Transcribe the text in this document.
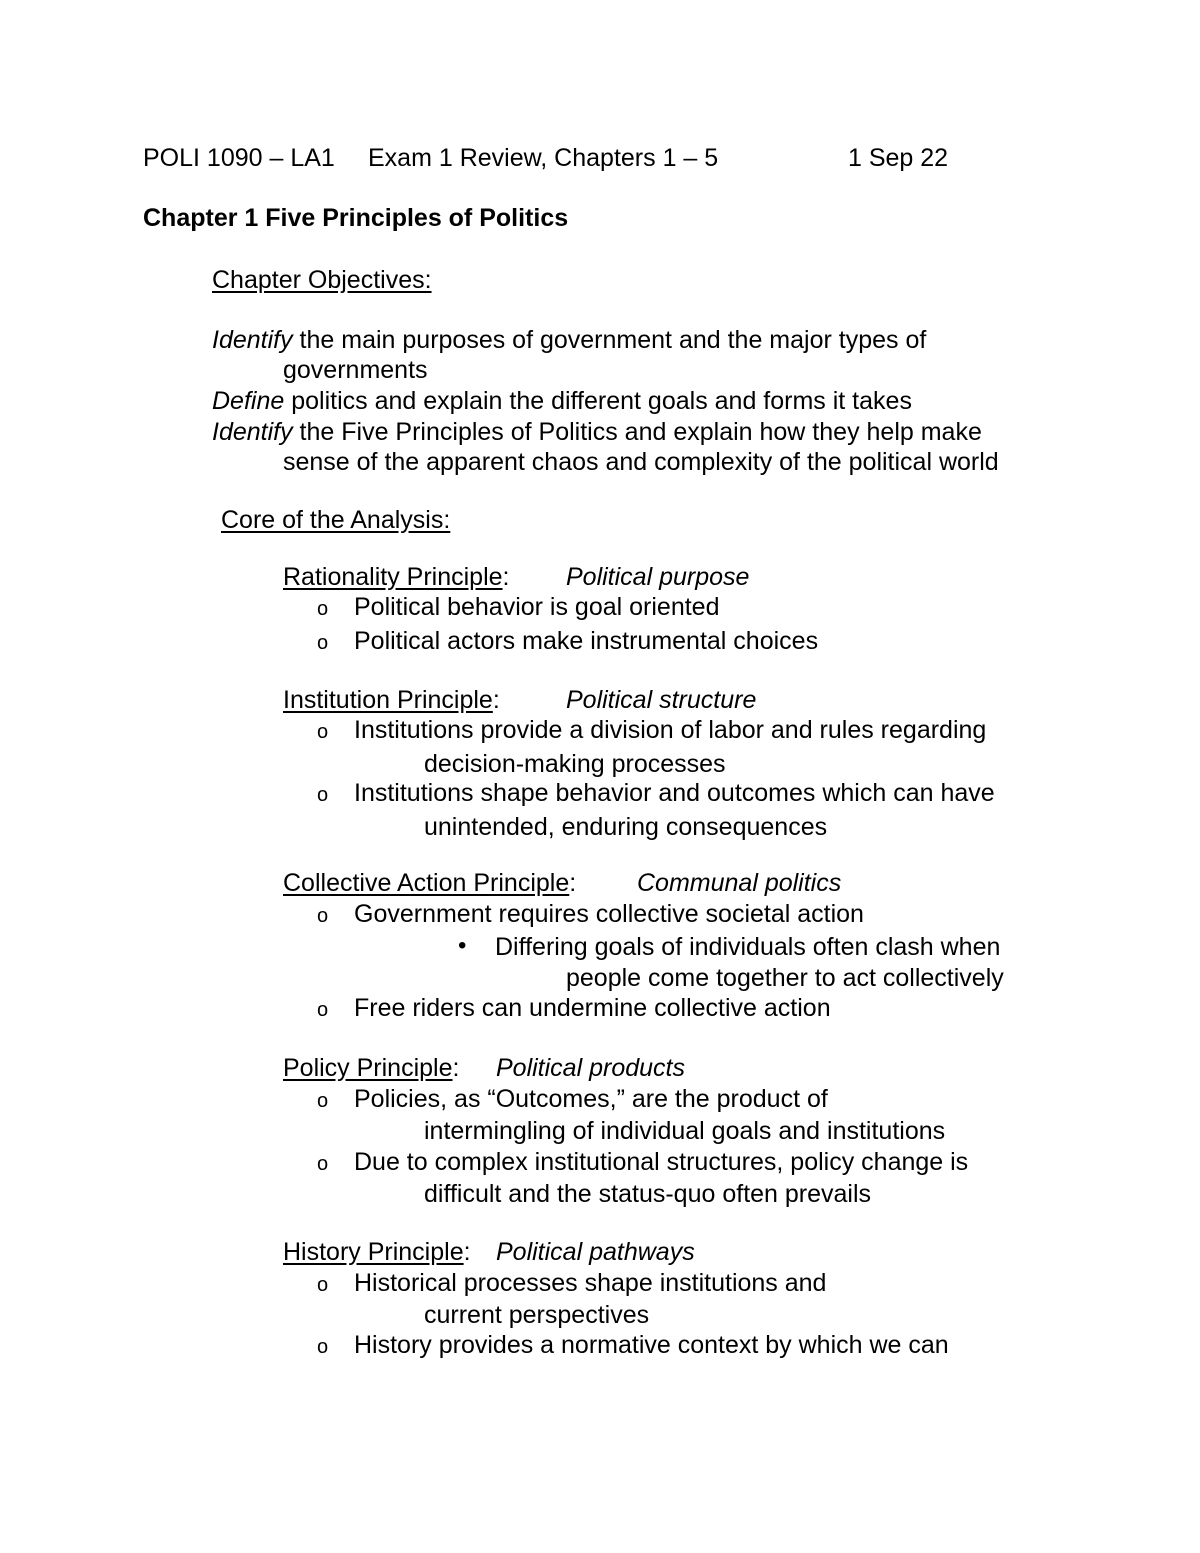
POLI 1090 – LA1 Exam 1 Review, Chapters 1 – 5	1 Sep 22
Chapter 1 Five Principles of Politics
Chapter Objectives:
Identify the main purposes of government and the major types of
governments
Define politics and explain the different goals and forms it takes
Identify the Five Principles of Politics and explain how they help make
sense of the apparent chaos and complexity of the political world
Core of the Analysis:
Rationality Principle: Political purpose
o Political behavior is goal oriented
o Political actors make instrumental choices
Institution Principle:	Political structure
o Institutions provide a division of labor and rules regarding
decision-making processes
o Institutions shape behavior and outcomes which can have
unintended, enduring consequences
Collective Action Principle: Communal politics
o Government requires collective societal action
• Differing goals of individuals often clash when
people come together to act collectively
o Free riders can undermine collective action
Policy Principle: Political products
o Policies, as “Outcomes,” are the product of
intermingling of individual goals and institutions
o Due to complex institutional structures, policy change is
difficult and the status-quo often prevails
History Principle: Political pathways
o Historical processes shape institutions and
current perspectives
o History provides a normative context by which we can
